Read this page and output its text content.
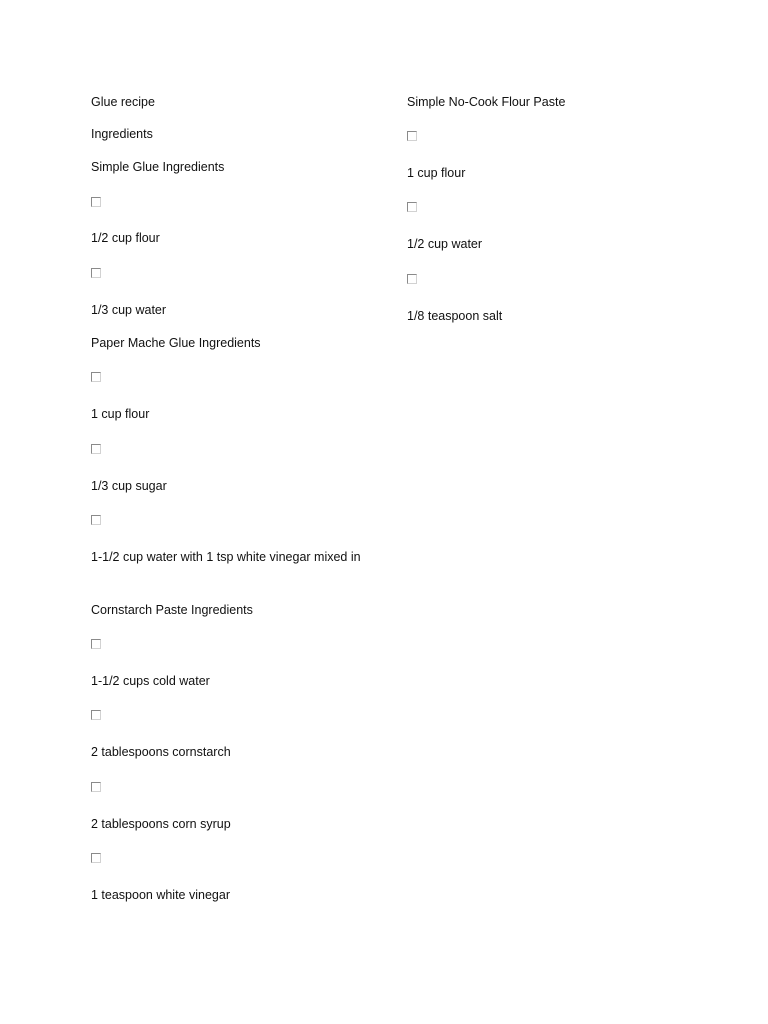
Glue recipe
Ingredients
Simple Glue Ingredients
1/2 cup flour
1/3 cup water
Paper Mache Glue Ingredients
1 cup flour
1/3 cup sugar
1-1/2 cup water with 1 tsp white vinegar mixed in
Cornstarch Paste Ingredients
1-1/2 cups cold water
2 tablespoons cornstarch
2 tablespoons corn syrup
1 teaspoon white vinegar
Simple No-Cook Flour Paste
1 cup flour
1/2 cup water
1/8 teaspoon salt
